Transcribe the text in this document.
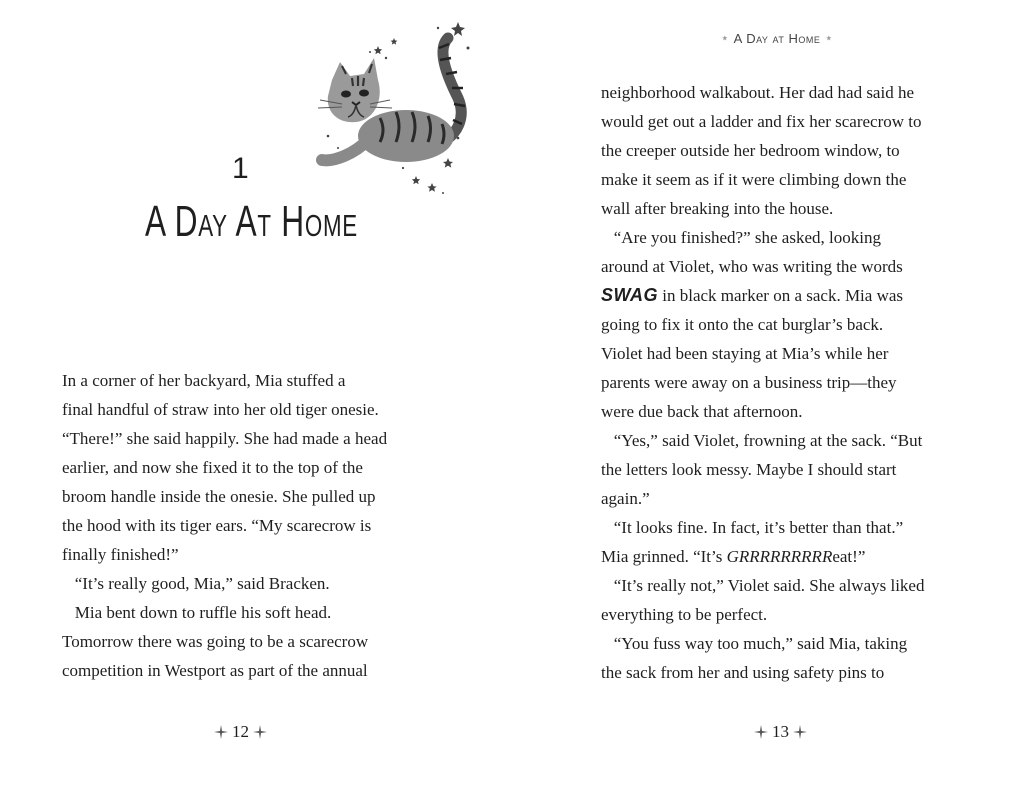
1
A Day At Home
In a corner of her backyard, Mia stuffed a
final handful of straw into her old tiger onesie.
“There!” she said happily. She had made a head
earlier, and now she fixed it to the top of the
broom handle inside the onesie. She pulled up
the hood with its tiger ears. “My scarecrow is
finally finished!”
“It’s really good, Mia,” said Bracken.
Mia bent down to ruffle his soft head.
Tomorrow there was going to be a scarecrow
competition in Westport as part of the annual
12
A Day at Home
neighborhood walkabout. Her dad had said he
would get out a ladder and fix her scarecrow to
the creeper outside her bedroom window, to
make it seem as if it were climbing down the
wall after breaking into the house.
“Are you finished?” she asked, looking
around at Violet, who was writing the words
SWAG in black marker on a sack. Mia was
going to fix it onto the cat burglar’s back.
Violet had been staying at Mia’s while her
parents were away on a business trip—they
were due back that afternoon.
“Yes,” said Violet, frowning at the sack. “But
the letters look messy. Maybe I should start
again.”
“It looks fine. In fact, it’s better than that.”
Mia grinned. “It’s GRRRRRRRRReat!”
“It’s really not,” Violet said. She always liked
everything to be perfect.
“You fuss way too much,” said Mia, taking
the sack from her and using safety pins to
13
